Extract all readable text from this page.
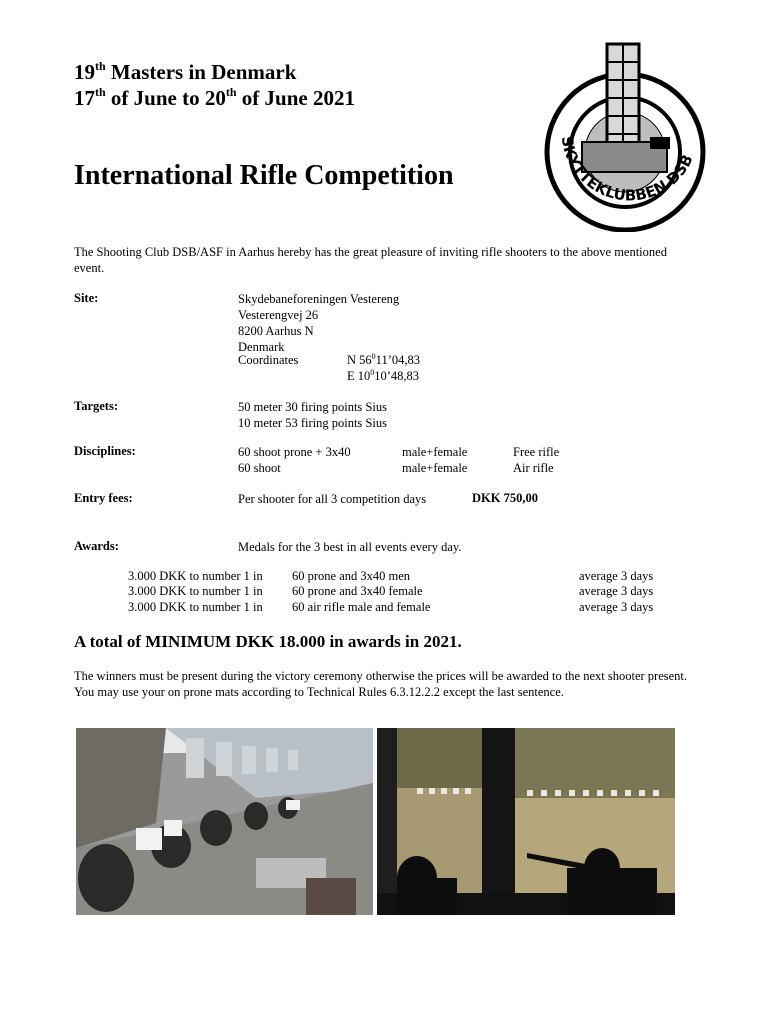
19th Masters in Denmark
17th of June to 20th of June 2021
International Rifle Competition
SKYTTEKLUBBEN DSB
The Shooting Club DSB/ASF in Aarhus hereby has the great pleasure of inviting rifle shooters to the above mentioned event.
Site:	Skydebaneforeningen Vestereng
Vesterengvej 26
8200 Aarhus N
Denmark
Coordinates	N $56^011’04,83$
E $10^010’48,83$
Targets:	50 meter 30 firing points Sius
10 meter 53 firing points Sius
Disciplines:	60 shoot prone + 3x40	male+female	Free rifle
60 shoot	male+female	Air rifle
Entry fees:	Per shooter for all 3 competition days	DKK 750,00
Awards:	Medals for the 3 best in all events every day.
3.000 DKK to number 1 in 60 prone and 3x40 men	average 3 days
3.000 DKK to number 1 in 60 prone and 3x40 female	average 3 days
3.000 DKK to number 1 in 60 air rifle male and female	average 3 days
A total of MINIMUM DKK 18.000 in awards in 2021.
The winners must be present during the victory ceremony otherwise the prices will be awarded to the next shooter present.
You may use your on prone mats according to Technical Rules 6.3.12.2.2 except the last sentence.
